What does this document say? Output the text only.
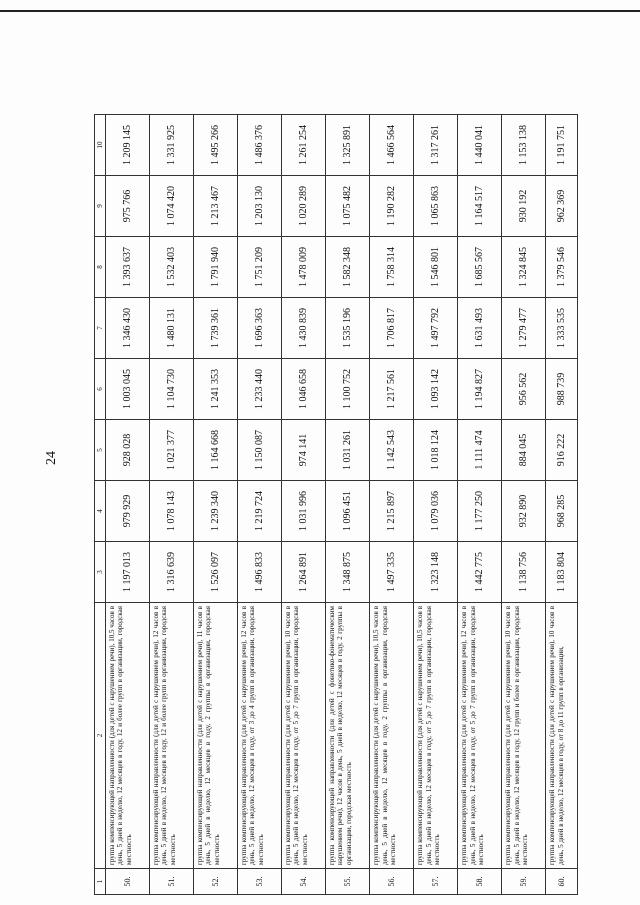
24
1	2	3	4	5	6	7	8	9	10
50.	группа компенсирующей направленности (для детей с нарушением речи), 10,5 часов в день, 5 дней в неделю, 12 месяцев в году, 12 и более групп в организации, городская местность	1 197 013	979 929	928 028	1 003 045	1 346 430	1 393 637	975 766	1 209 145
51.	группа компенсирующей направленности (для детей с нарушением речи), 12 часов в день, 5 дней в неделю, 12 месяцев в году, 12 и более групп в организации, городская местность	1 316 639	1 078 143	1 021 377	1 104 730	1 480 131	1 532 403	1 074 420	1 331 925
52.	группа компенсирующей направленности (для детей с нарушением речи), 11 часов в день, 5 дней в неделю, 12 месяцев в году, 2 группы в организации, городская местность	1 526 097	1 239 340	1 164 668	1 241 353	1 739 361	1 791 940	1 213 467	1 495 266
53.	группа компенсирующей направленности (для детей с нарушением речи), 12 часов в день, 5 дней в неделю, 12 месяцев в году, от 3 до 4 групп в организации, городская местность	1 496 833	1 219 724	1 150 087	1 233 440	1 696 363	1 751 209	1 203 130	1 486 376
54.	группа компенсирующей направленности (для детей с нарушением речи), 10 часов в день, 5 дней в неделю, 12 месяцев в году, от 5 до 7 групп в организации, городская местность	1 264 891	1 031 996	974 141	1 046 658	1 430 839	1 478 009	1 020 289	1 261 254
55.	группа компенсирующей направленности (для детей с фонетико-фонематическим нарушением речи), 12 часов в день, 5 дней в неделю, 12 месяцев в году, 2 группы в организации, городская местность	1 348 875	1 096 451	1 031 261	1 100 752	1 535 196	1 582 348	1 075 482	1 325 891
56.	группа компенсирующей направленности (для детей с нарушением речи), 10,5 часов в день, 5 дней в неделю, 12 месяцев в году, 2 группы в организации, городская местность	1 497 335	1 215 897	1 142 543	1 217 561	1 706 817	1 758 314	1 190 282	1 466 564
57.	группа компенсирующей направленности (для детей с нарушением речи), 10,5 часов в день, 5 дней в неделю, 12 месяцев в году, от 5 до 7 групп в организации, городская местность	1 323 148	1 079 036	1 018 124	1 093 142	1 497 792	1 546 801	1 065 863	1 317 261
58.	группа компенсирующей направленности (для детей с нарушением речи), 12 часов в день, 5 дней в неделю, 12 месяцев в году, от 5 до 7 групп в организации, городская местность	1 442 775	1 177 250	1 111 474	1 194 827	1 631 493	1 685 567	1 164 517	1 440 041
59.	группа компенсирующей направленности (для детей с нарушением речи), 10 часов в день, 5 дней в неделю, 12 месяцев в году, 12 групп и более в организации, городская местность	1 138 756	932 890	884 045	956 562	1 279 477	1 324 845	930 192	1 153 138
60.	группа компенсирующей направленности (для детей с нарушением речи), 10 часов в день, 5 дней в неделю, 12 месяцев в году, от 8 до 11 групп в организации,	1 183 804	968 285	916 222	988 739	1 333 535	1 379 546	962 369	1 191 751
